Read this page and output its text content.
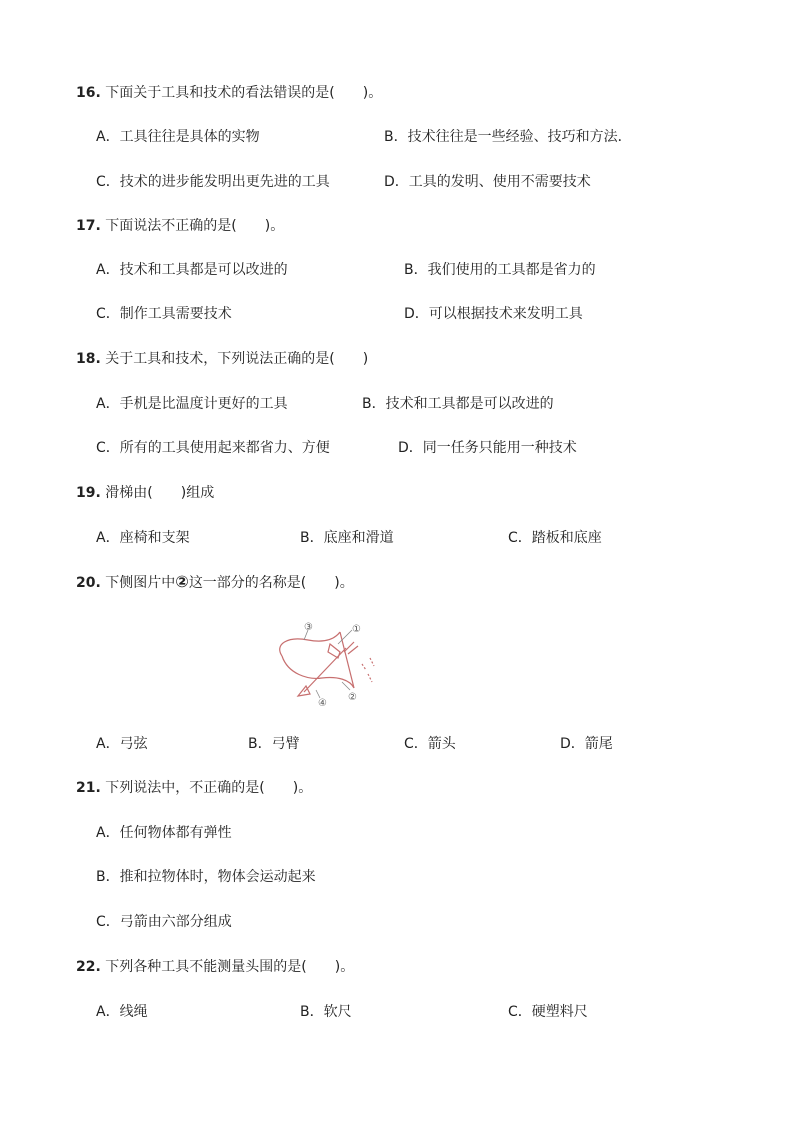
16. 下面关于工具和技术的看法错误的是(　　)。
A．工具往往是具体的实物	B．技术往往是一些经验、技巧和方法．
C．技术的进步能发明出更先进的工具	D．工具的发明、使用不需要技术
17. 下面说法不正确的是(　　)。
A．技术和工具都是可以改进的	B．我们使用的工具都是省力的
C．制作工具需要技术	D．可以根据技术来发明工具
18. 关于工具和技术，下列说法正确的是(　　)
A．手机是比温度计更好的工具	B．技术和工具都是可以改进的
C．所有的工具使用起来都省力、方便	D．同一任务只能用一种技术
19. 滑梯由(　　)组成
A．座椅和支架	B．底座和滑道	C．踏板和底座
20. 下侧图片中②这一部分的名称是(　　)。
①
②
③
④
A．弓弦	B．弓臂	C．箭头	D．箭尾
21. 下列说法中，不正确的是(　　)。
A．任何物体都有弹性
B．推和拉物体时，物体会运动起来
C．弓箭由六部分组成
22. 下列各种工具不能测量头围的是(　　)。
A．线绳	B．软尺	C．硬塑料尺
